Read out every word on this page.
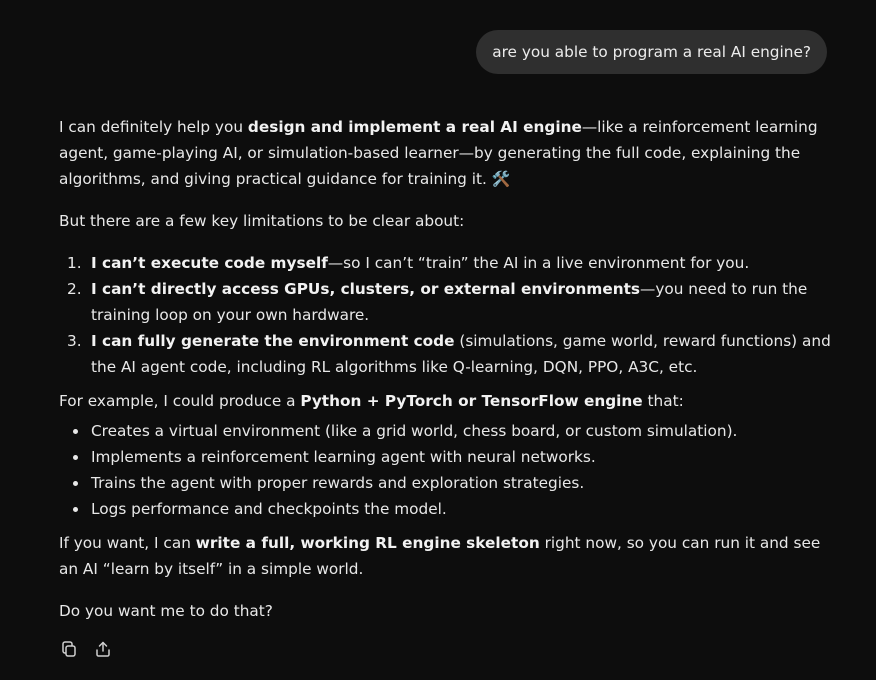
are you able to program a real AI engine?

I can definitely help you design and implement a real AI engine—like a reinforcement learning agent, game-playing AI, or simulation-based learner—by generating the full code, explaining the algorithms, and giving practical guidance for training it. 🛠️

But there are a few key limitations to be clear about:

1. I can’t execute code myself—so I can’t “train” the AI in a live environment for you.
2. I can’t directly access GPUs, clusters, or external environments—you need to run the training loop on your own hardware.
3. I can fully generate the environment code (simulations, game world, reward functions) and the AI agent code, including RL algorithms like Q-learning, DQN, PPO, A3C, etc.

For example, I could produce a Python + PyTorch or TensorFlow engine that:

Creates a virtual environment (like a grid world, chess board, or custom simulation).
Implements a reinforcement learning agent with neural networks.
Trains the agent with proper rewards and exploration strategies.
Logs performance and checkpoints the model.

If you want, I can write a full, working RL engine skeleton right now, so you can run it and see an AI “learn by itself” in a simple world.

Do you want me to do that?
